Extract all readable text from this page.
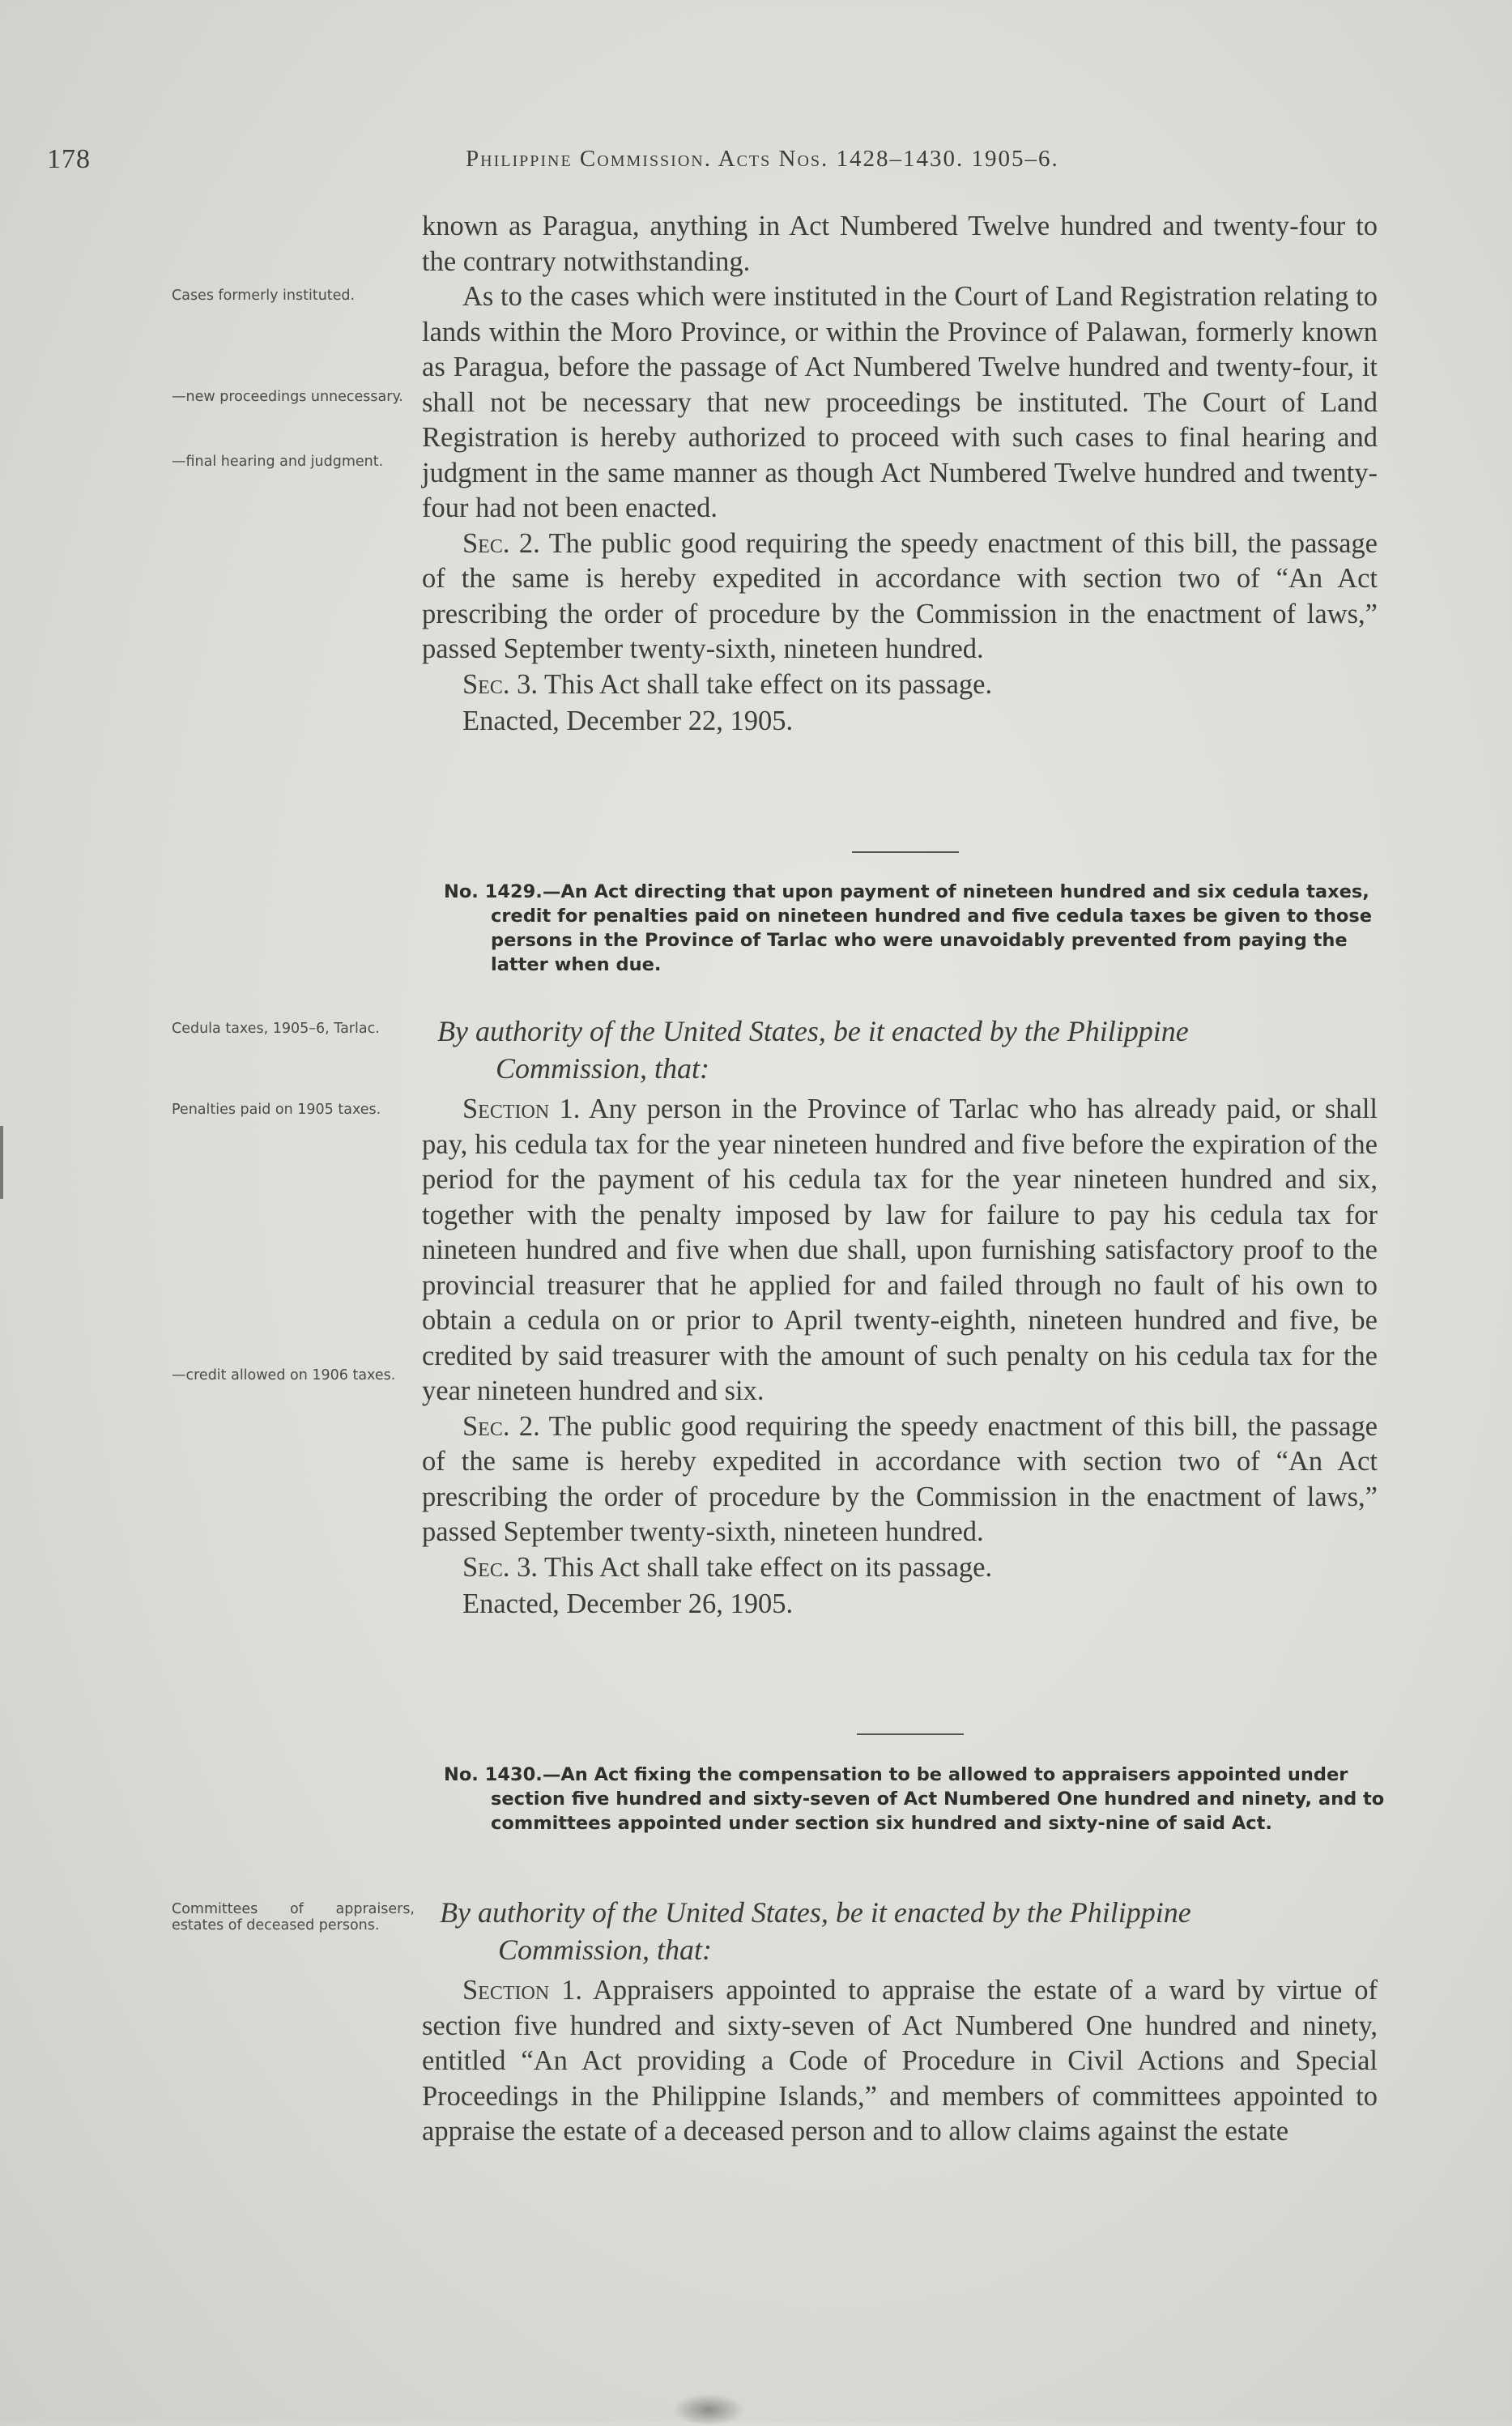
178	Philippine Commission. Acts Nos. 1428–1430. 1905–6.

known as Paragua, anything in Act Numbered Twelve hundred and twenty-four to the contrary notwithstanding.

As to the cases which were instituted in the Court of Land Registration relating to lands within the Moro Province, or within the Province of Palawan, formerly known as Paragua, before the passage of Act Numbered Twelve hundred and twenty-four, it shall not be necessary that new proceedings be instituted. The Court of Land Registration is hereby authorized to proceed with such cases to final hearing and judgment in the same manner as though Act Numbered Twelve hundred and twenty-four had not been enacted.

Sec. 2. The public good requiring the speedy enactment of this bill, the passage of the same is hereby expedited in accordance with section two of “An Act prescribing the order of procedure by the Commission in the enactment of laws,” passed September twenty-sixth, nineteen hundred.

Sec. 3. This Act shall take effect on its passage.

Enacted, December 22, 1905.

No. 1429.—An Act directing that upon payment of nineteen hundred and six cedula taxes, credit for penalties paid on nineteen hundred and five cedula taxes be given to those persons in the Province of Tarlac who were unavoidably prevented from paying the latter when due.
By authority of the United States, be it enacted by the Philippine
Commission, that:

Section 1. Any person in the Province of Tarlac who has already paid, or shall pay, his cedula tax for the year nineteen hundred and five before the expiration of the period for the payment of his cedula tax for the year nineteen hundred and six, together with the penalty imposed by law for failure to pay his cedula tax for nineteen hundred and five when due shall, upon furnishing satisfactory proof to the provincial treasurer that he applied for and failed through no fault of his own to obtain a cedula on or prior to April twenty-eighth, nineteen hundred and five, be credited by said treasurer with the amount of such penalty on his cedula tax for the year nineteen hundred and six.

Sec. 2. The public good requiring the speedy enactment of this bill, the passage of the same is hereby expedited in accordance with section two of “An Act prescribing the order of procedure by the Commission in the enactment of laws,” passed September twenty-sixth, nineteen hundred.

Sec. 3. This Act shall take effect on its passage.

Enacted, December 26, 1905.

No. 1430.—An Act fixing the compensation to be allowed to appraisers appointed under section five hundred and sixty-seven of Act Numbered One hundred and ninety, and to committees appointed under section six hundred and sixty-nine of said Act.
By authority of the United States, be it enacted by the Philippine
Commission, that:

Section 1. Appraisers appointed to appraise the estate of a ward by virtue of section five hundred and sixty-seven of Act Numbered One hundred and ninety, entitled “An Act providing a Code of Procedure in Civil Actions and Special Proceedings in the Philippine Islands,” and members of committees appointed to appraise the estate of a deceased person and to allow claims against the estate

Cases formerly instituted.
—new proceedings unnecessary.
—final hearing and judgment.
Cedula taxes, 1905–6, Tarlac.
Penalties paid on 1905 taxes.
—credit allowed on 1906 taxes.
Committees of appraisers, estates of deceased persons.
